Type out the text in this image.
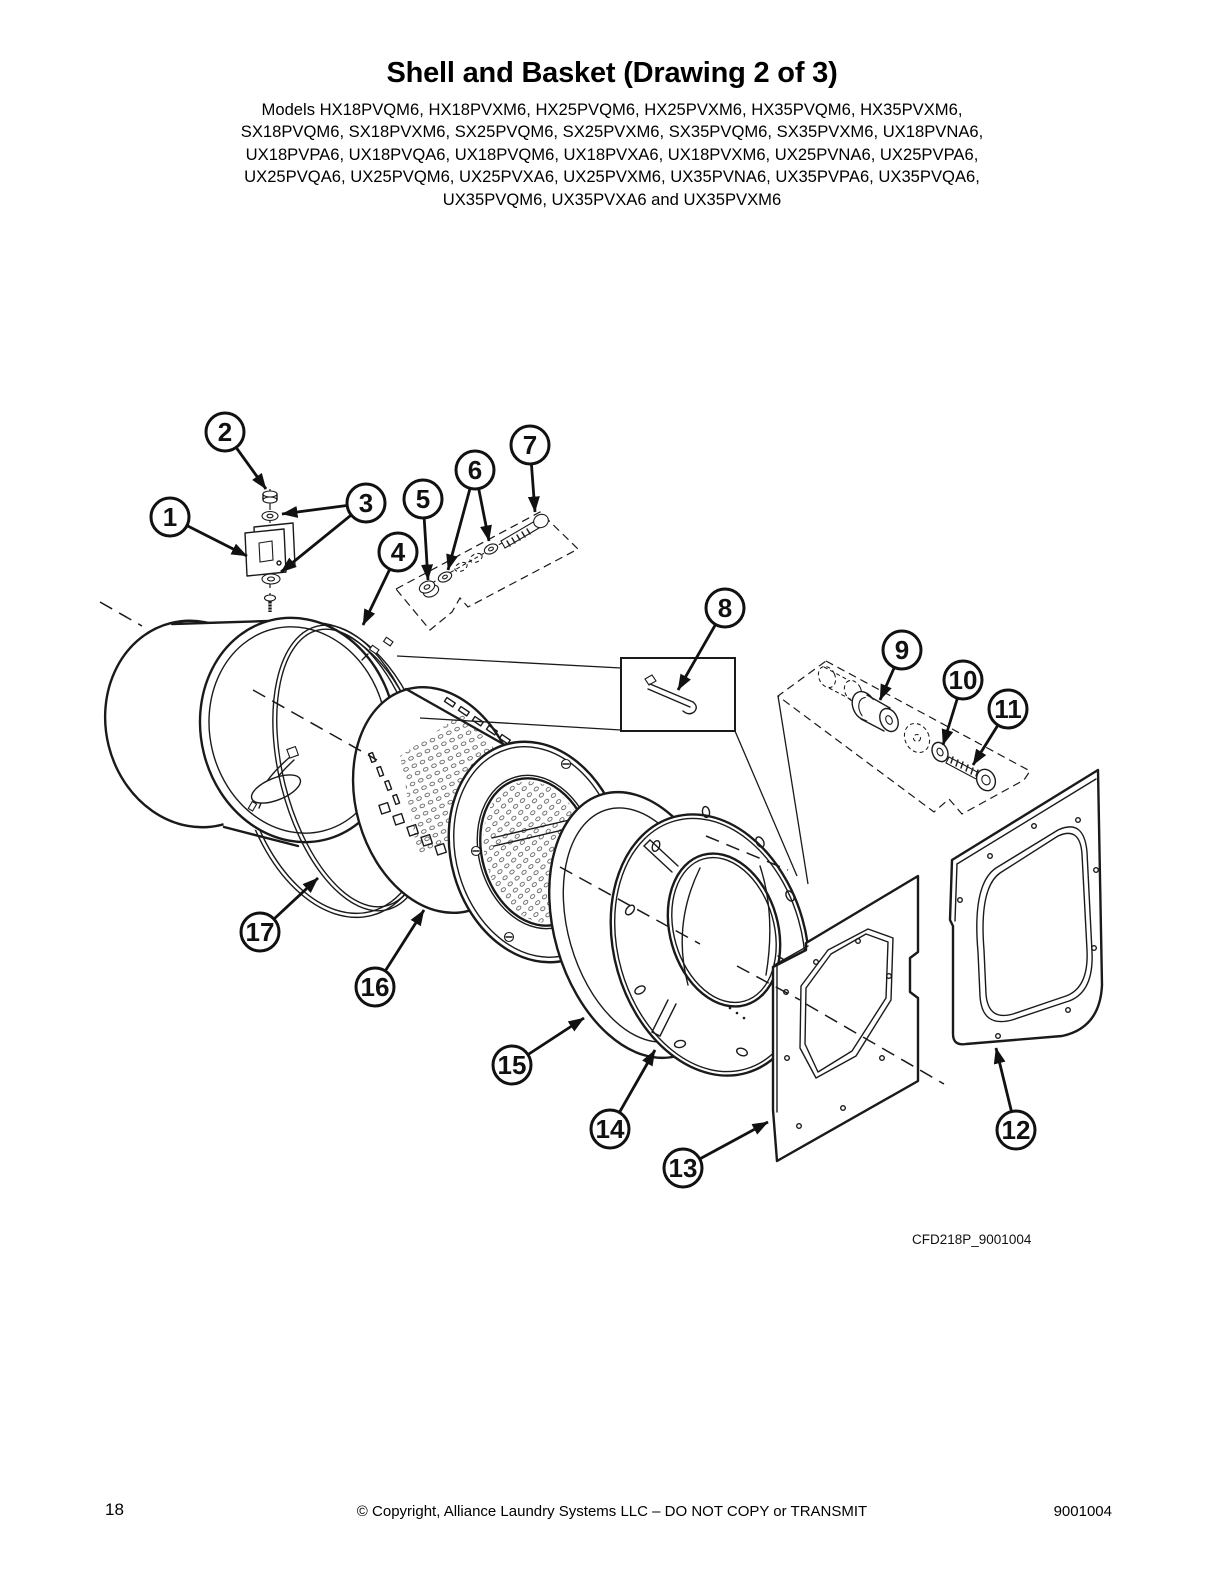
Shell and Basket (Drawing 2 of 3)
Models HX18PVQM6, HX18PVXM6, HX25PVQM6, HX25PVXM6, HX35PVQM6, HX35PVXM6,
SX18PVQM6, SX18PVXM6, SX25PVQM6, SX25PVXM6, SX35PVQM6, SX35PVXM6, UX18PVNA6,
UX18PVPA6, UX18PVQA6, UX18PVQM6, UX18PVXA6, UX18PVXM6, UX25PVNA6, UX25PVPA6,
UX25PVQA6, UX25PVQM6, UX25PVXA6, UX25PVXM6, UX35PVNA6, UX35PVPA6, UX35PVQA6,
UX35PVQM6, UX35PVXA6 and UX35PVXM6
1
2
3
4
5
6
7
8
9
10
11
12
13
14
15
16
17
CFD218P_9001004
18	© Copyright, Alliance Laundry Systems LLC – DO NOT COPY or TRANSMIT	9001004
